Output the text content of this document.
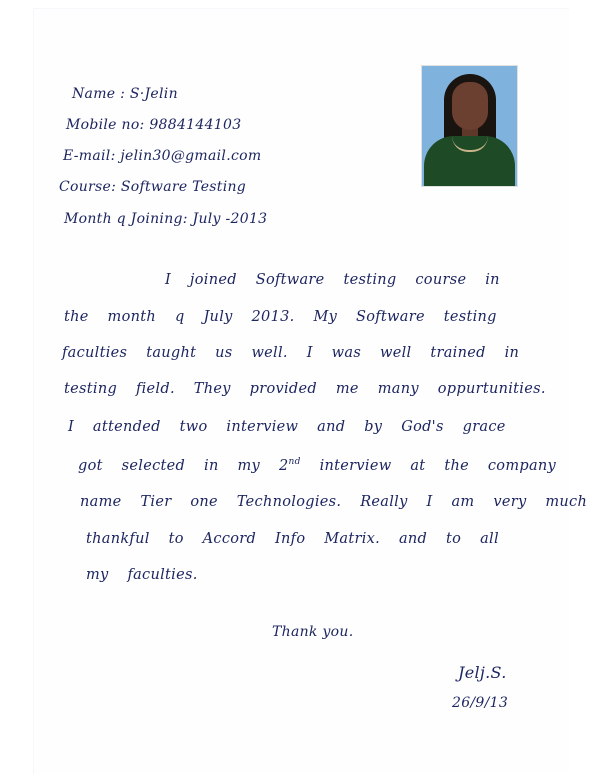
Name : S·Jelin
Mobile no: 9884144103
E-mail: jelin30@gmail.com
Course: Software Testing
Month q Joining: July -2013
I joined Software testing course in
the month q July 2013. My Software testing
faculties taught us well. I was well trained in
testing field. They provided me many oppurtunities.
I attended two interview and by God's grace
got selected in my 2nd interview at the company
name Tier one Technologies. Really I am very much
thankful to Accord Info Matrix. and to all
my faculties.
Thank you.
Jelj.S.
26/9/13
